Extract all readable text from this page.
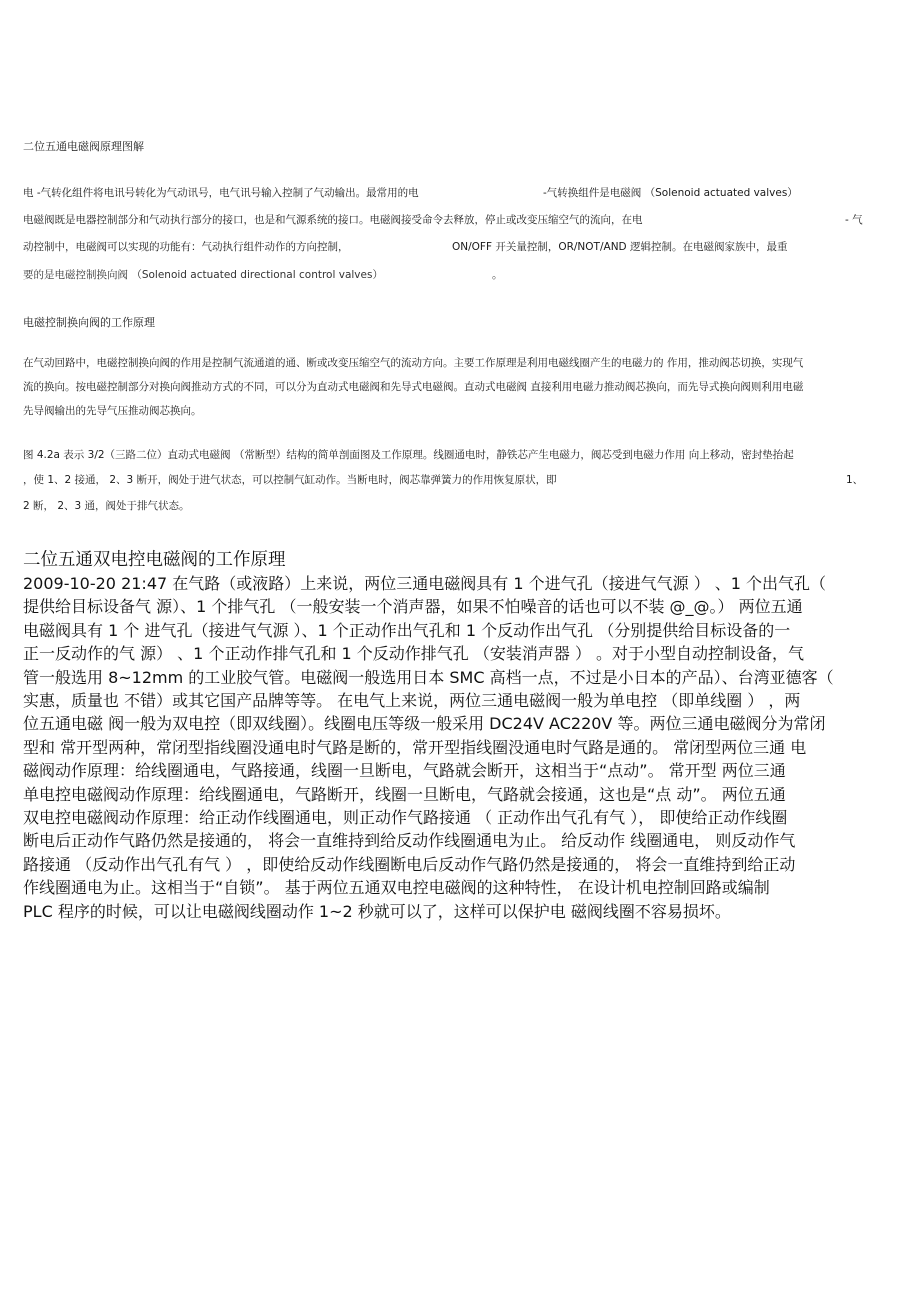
二位五通电磁阀原理图解
电 -气转化组件将电讯号转化为气动讯号，电气讯号输入控制了气动输出。最常用的电	-气转换组件是电磁阀 （Solenoid actuated valves）
电磁阀既是电器控制部分和气动执行部分的接口，也是和气源系统的接口。电磁阀接受命令去释放，停止或改变压缩空气的流向，在电	- 气
动控制中，电磁阀可以实现的功能有：气动执行组件动作的方向控制，	ON/OFF 开关量控制，OR/NOT/AND 逻辑控制。在电磁阀家族中，最重
要的是电磁控制换向阀 （Solenoid actuated directional control valves）	。
电磁控制换向阀的工作原理
在气动回路中，电磁控制换向阀的作用是控制气流通道的通、断或改变压缩空气的流动方向。主要工作原理是利用电磁线圈产生的电磁力的 作用，推动阀芯切换，实现气
流的换向。按电磁控制部分对换向阀推动方式的不同，可以分为直动式电磁阀和先导式电磁阀。直动式电磁阀 直接利用电磁力推动阀芯换向，而先导式换向阀则利用电磁
先导阀输出的先导气压推动阀芯换向。
图 4.2a 表示 3/2（三路二位）直动式电磁阀 （常断型）结构的简单剖面图及工作原理。线圈通电时，静铁芯产生电磁力，阀芯受到电磁力作用 向上移动，密封垫抬起
，使 1、2 接通， 2、3 断开，阀处于进气状态，可以控制气缸动作。当断电时，阀芯靠弹簧力的作用恢复原状，即	1、
2 断， 2、3 通，阀处于排气状态。
二位五通双电控电磁阀的工作原理
2009-10-20 21:47 在气路（或液路）上来说，两位三通电磁阀具有 1 个进气孔（接进气气源 ） 、1 个出气孔（
提供给目标设备气 源）、1 个排气孔 （一般安装一个消声器，如果不怕噪音的话也可以不装 @_@。） 两位五通
电磁阀具有 1 个 进气孔（接进气气源 ）、1 个正动作出气孔和 1 个反动作出气孔 （分别提供给目标设备的一
正一反动作的气 源） 、1 个正动作排气孔和 1 个反动作排气孔 （安装消声器 ） 。对于小型自动控制设备，气
管一般选用 8~12mm 的工业胶气管。电磁阀一般选用日本 SMC 高档一点，不过是小日本的产品）、台湾亚德客（
实惠，质量也 不错）或其它国产品牌等等。 在电气上来说，两位三通电磁阀一般为单电控 （即单线圈 ） ，两
位五通电磁 阀一般为双电控（即双线圈）。线圈电压等级一般采用 DC24V AC220V 等。两位三通电磁阀分为常闭
型和 常开型两种，常闭型指线圈没通电时气路是断的，常开型指线圈没通电时气路是通的。 常闭型两位三通 电
磁阀动作原理：给线圈通电，气路接通，线圈一旦断电，气路就会断开，这相当于“点动”。 常开型 两位三通
单电控电磁阀动作原理：给线圈通电，气路断开，线圈一旦断电，气路就会接通，这也是“点 动”。 两位五通
双电控电磁阀动作原理：给正动作线圈通电，则正动作气路接通 （ 正动作出气孔有气 ）， 即使给正动作线圈
断电后正动作气路仍然是接通的， 将会一直维持到给反动作线圈通电为止。 给反动作 线圈通电， 则反动作气
路接通 （反动作出气孔有气 ） ，即使给反动作线圈断电后反动作气路仍然是接通的， 将会一直维持到给正动
作线圈通电为止。这相当于“自锁”。 基于两位五通双电控电磁阀的这种特性， 在设计机电控制回路或编制
PLC 程序的时候，可以让电磁阀线圈动作 1~2 秒就可以了，这样可以保护电 磁阀线圈不容易损坏。
